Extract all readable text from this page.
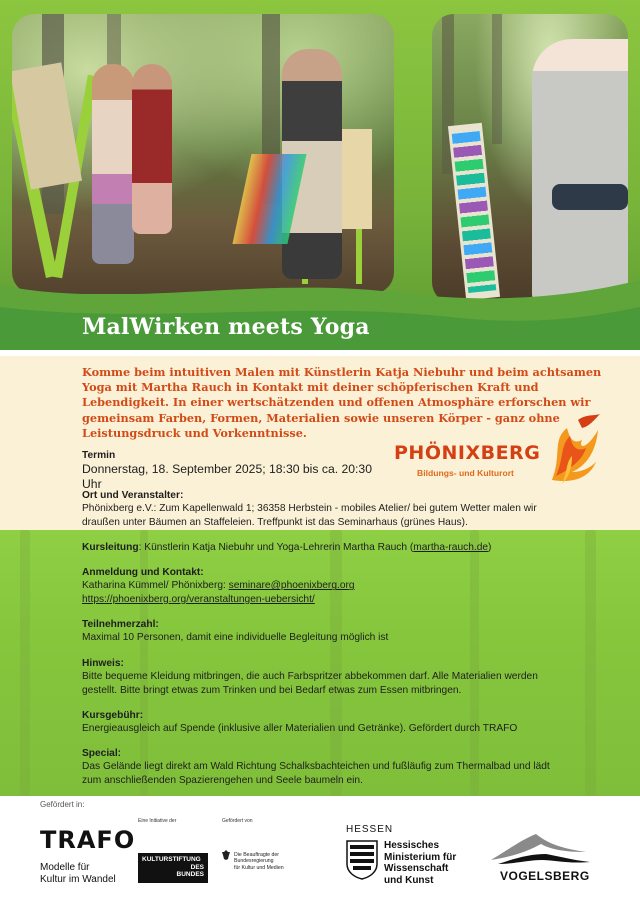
MalWirken meets Yoga

Komme beim intuitiven Malen mit Künstlerin Katja Niebuhr und beim achtsamen Yoga mit Martha Rauch in Kontakt mit deiner schöpferischen Kraft und Lebendigkeit. In einer wertschätzenden und offenen Atmosphäre erforschen wir gemeinsam Farben, Formen, Materialien sowie unseren Körper - ganz ohne Leistungsdruck und Vorkenntnisse.

Termin
Donnerstag, 18. September 2025; 18:30 bis ca. 20:30 Uhr
PHÖNIXBERG
Bildungs- und Kulturort
Ort und Veranstalter:
Phönixberg e.V.: Zum Kapellenwald 1; 36358 Herbstein - mobiles Atelier/ bei gutem Wetter malen wir draußen unter Bäumen an Staffeleien. Treffpunkt ist das Seminarhaus (grünes Haus).
Kursleitung: Künstlerin Katja Niebuhr und Yoga-Lehrerin Martha Rauch (martha-rauch.de)
Anmeldung und Kontakt:
Katharina Kümmel/ Phönixberg: seminare@phoenixberg.org
https://phoenixberg.org/veranstaltungen-uebersicht/
Teilnehmerzahl:
Maximal 10 Personen, damit eine individuelle Begleitung möglich ist
Hinweis:
Bitte bequeme Kleidung mitbringen, die auch Farbspritzer abbekommen darf. Alle Materialien werden gestellt. Bitte bringt etwas zum Trinken und bei Bedarf etwas zum Essen mitbringen.
Kursgebühr:
Energieausgleich auf Spende (inklusive aller Materialien und Getränke). Gefördert durch TRAFO
Special:
Das Gelände liegt direkt am Wald Richtung Schalksbachteichen und fußläufig zum Thermalbad und lädt zum anschließenden Spazierengehen und Seele baumeln ein.
Gefördert in:
TRAFO
Modelle für
Kultur im Wandel
Eine Initiative der
KULTURSTIFTUNG
DES
BUNDES
Gefördert von
Die Beauftragte der Bundesregierung
für Kultur und Medien
HESSEN
Hessisches
Ministerium für
Wissenschaft
und Kunst	VOGELSBERG
